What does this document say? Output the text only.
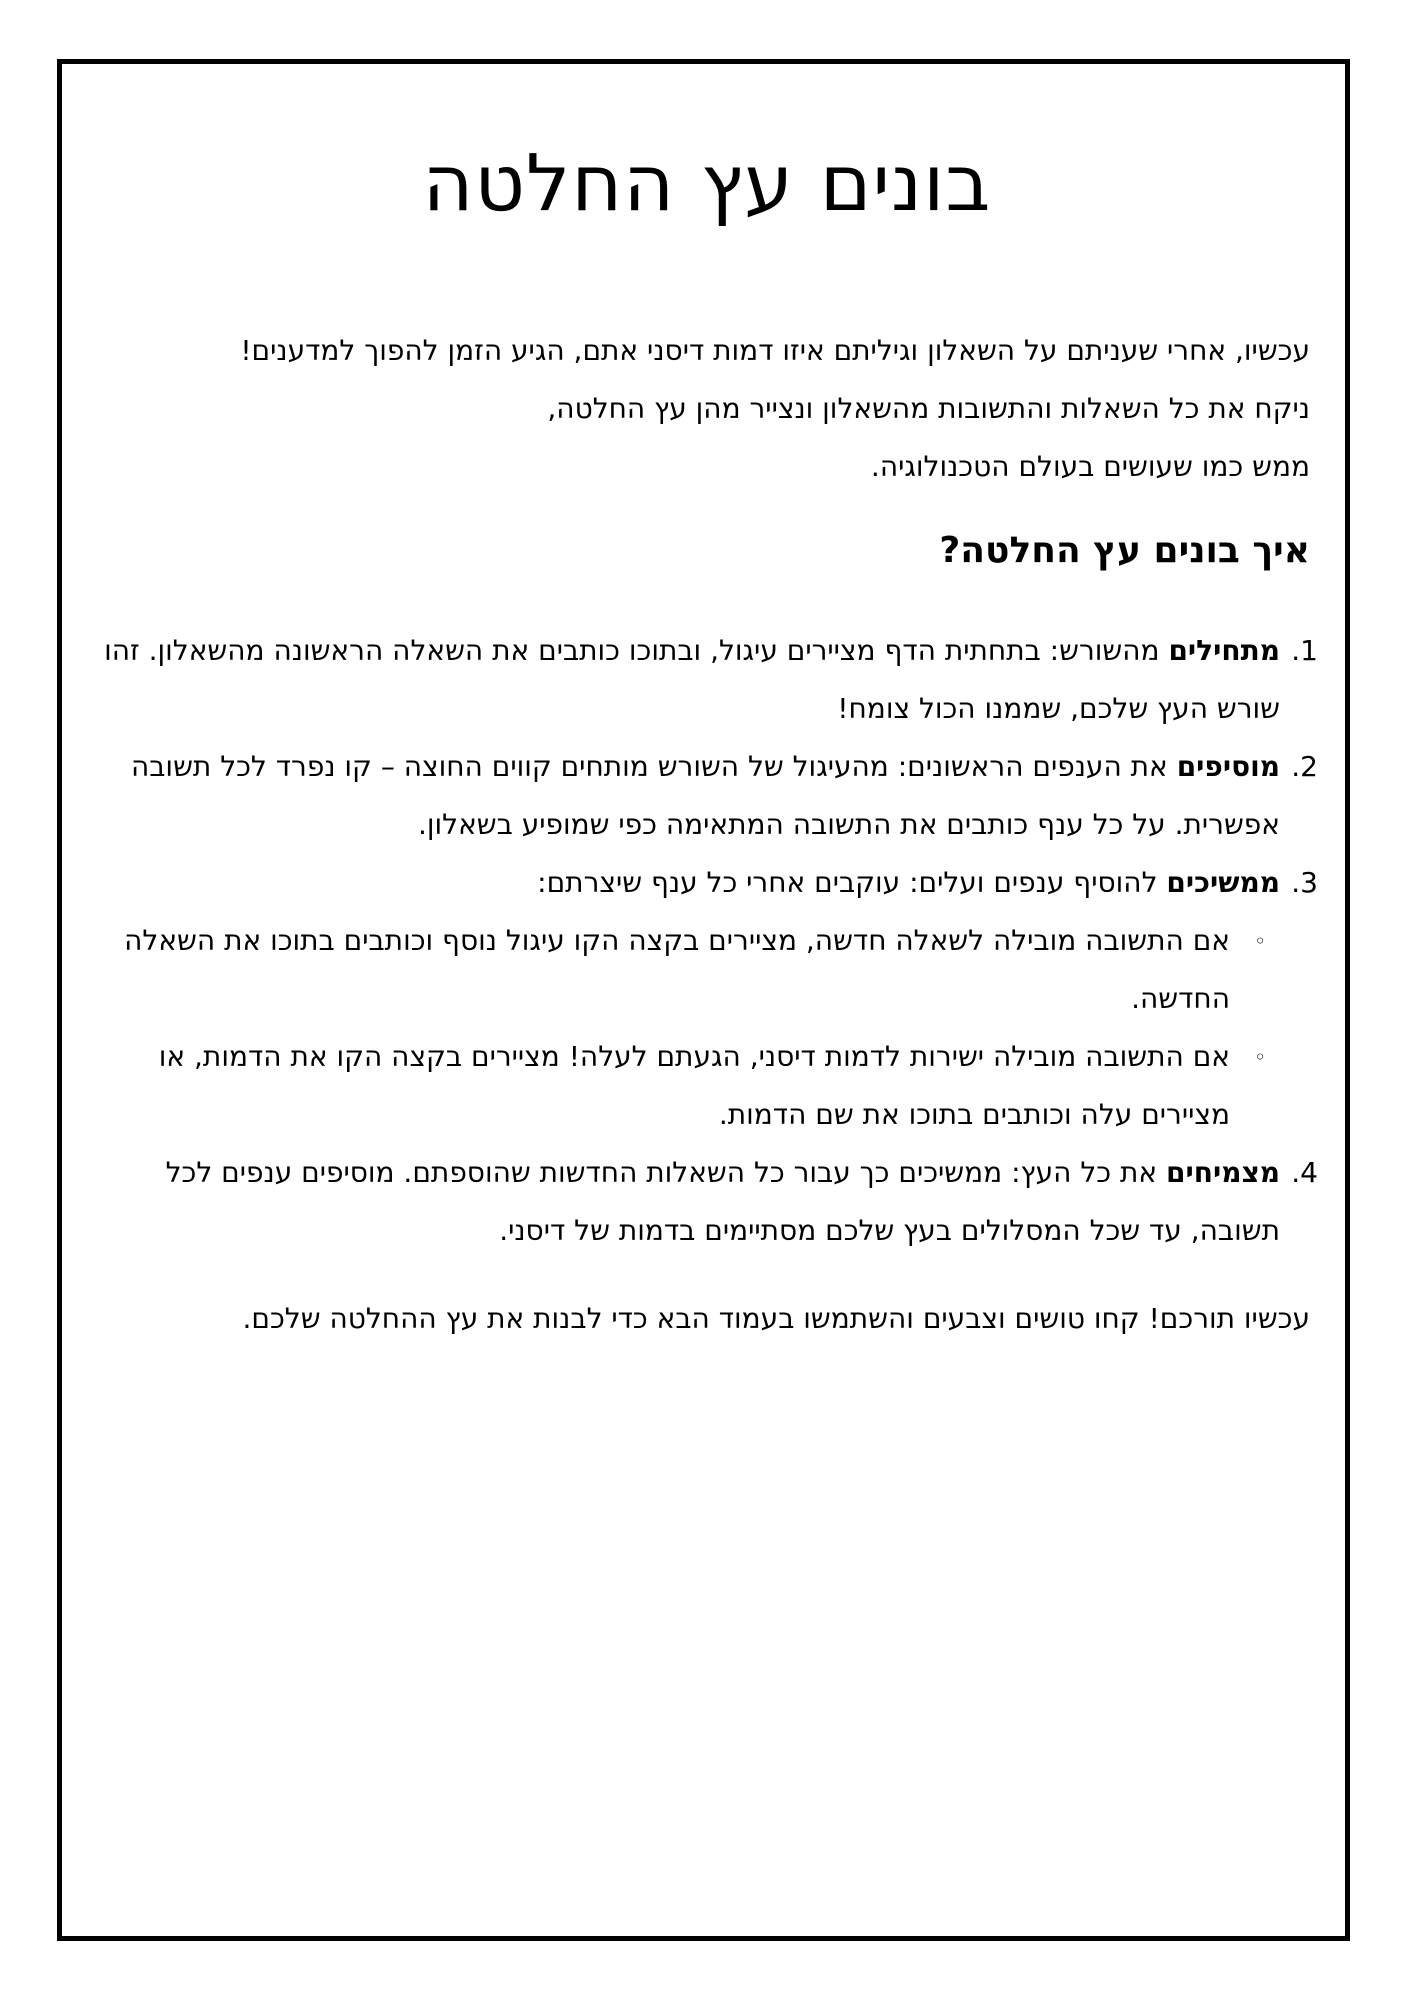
בונים עץ החלטה

עכשיו, אחרי שעניתם על השאלון וגיליתם איזו דמות דיסני אתם, הגיע הזמן להפוך למדענים!
ניקח את כל השאלות והתשובות מהשאלון ונצייר מהן עץ החלטה,
ממש כמו שעושים בעולם הטכנולוגיה.

איך בונים עץ החלטה?
1.
מתחילים מהשורש: בתחתית הדף מציירים עיגול, ובתוכו כותבים את השאלה הראשונה מהשאלון. זהו שורש העץ שלכם, שממנו הכול צומח!
2.
מוסיפים את הענפים הראשונים: מהעיגול של השורש מותחים קווים החוצה – קו נפרד לכל תשובה אפשרית. על כל ענף כותבים את התשובה המתאימה כפי שמופיע בשאלון.
3.
ממשיכים להוסיף ענפים ועלים: עוקבים אחרי כל ענף שיצרתם:
◦
אם התשובה מובילה לשאלה חדשה, מציירים בקצה הקו עיגול נוסף וכותבים בתוכו את השאלה החדשה.
◦
אם התשובה מובילה ישירות לדמות דיסני, הגעתם לעלה! מציירים בקצה הקו את הדמות, או מציירים עלה וכותבים בתוכו את שם הדמות.
4.
מצמיחים את כל העץ: ממשיכים כך עבור כל השאלות החדשות שהוספתם. מוסיפים ענפים לכל תשובה, עד שכל המסלולים בעץ שלכם מסתיימים בדמות של דיסני.

עכשיו תורכם! קחו טושים וצבעים והשתמשו בעמוד הבא כדי לבנות את עץ ההחלטה שלכם.
